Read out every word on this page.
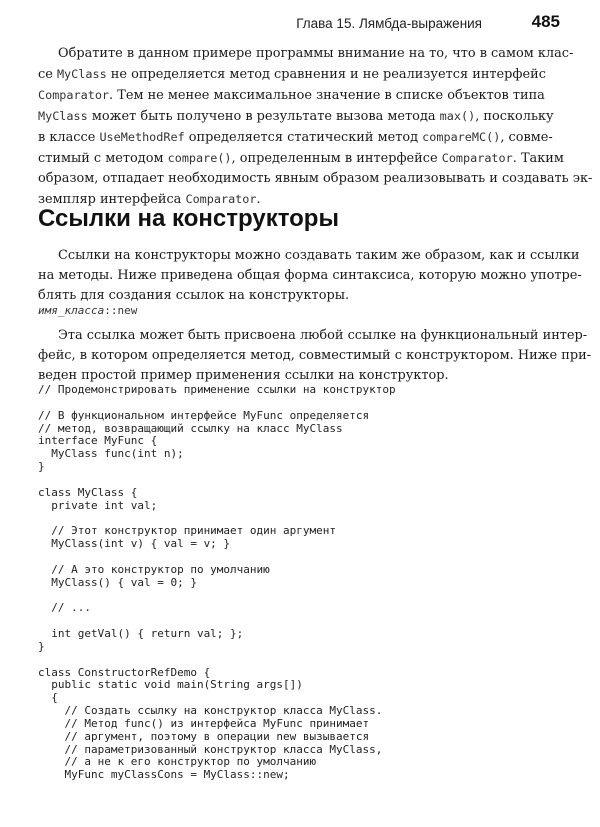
Глава 15. Лямбда-выражения	485
Обратите в данном примере программы внимание на то, что в самом клас-
се MyClass не определяется метод сравнения и не реализуется интерфейс
Comparator. Тем не менее максимальное значение в списке объектов типа
MyClass может быть получено в результате вызова метода max(), поскольку
в классе UseMethodRef определяется статический метод compareMC(), совме-
стимый с методом compare(), определенным в интерфейсе Comparator. Таким
образом, отпадает необходимость явным образом реализовывать и создавать эк-
земпляр интерфейса Comparator.
Ссылки на конструкторы
Ссылки на конструкторы можно создавать таким же образом, как и ссылки
на методы. Ниже приведена общая форма синтаксиса, которую можно употре-
блять для создания ссылок на конструкторы.
имя_класса::new
Эта ссылка может быть присвоена любой ссылке на функциональный интер-
фейс, в котором определяется метод, совместимый с конструктором. Ниже при-
веден простой пример применения ссылки на конструктор.
// Продемонстрировать применение ссылки на конструктор
// В функциональном интерфейсе MyFunc определяется
// метод, возвращающий ссылку на класс MyClass
interface MyFunc {
MyClass func(int n);
}
class MyClass {
private int val;
// Этот конструктор принимает один аргумент
MyClass(int v) { val = v; }
// А это конструктор по умолчанию
MyClass() { val = 0; }
// ...
int getVal() { return val; };
}
class ConstructorRefDemo {
public static void main(String args[])
{
// Создать ссылку на конструктор класса MyClass.
// Метод func() из интерфейса MyFunc принимает
// аргумент, поэтому в операции new вызывается
// параметризованный конструктор класса MyClass,
// а не к его конструктор по умолчанию
MyFunc myClassCons = MyClass::new;
